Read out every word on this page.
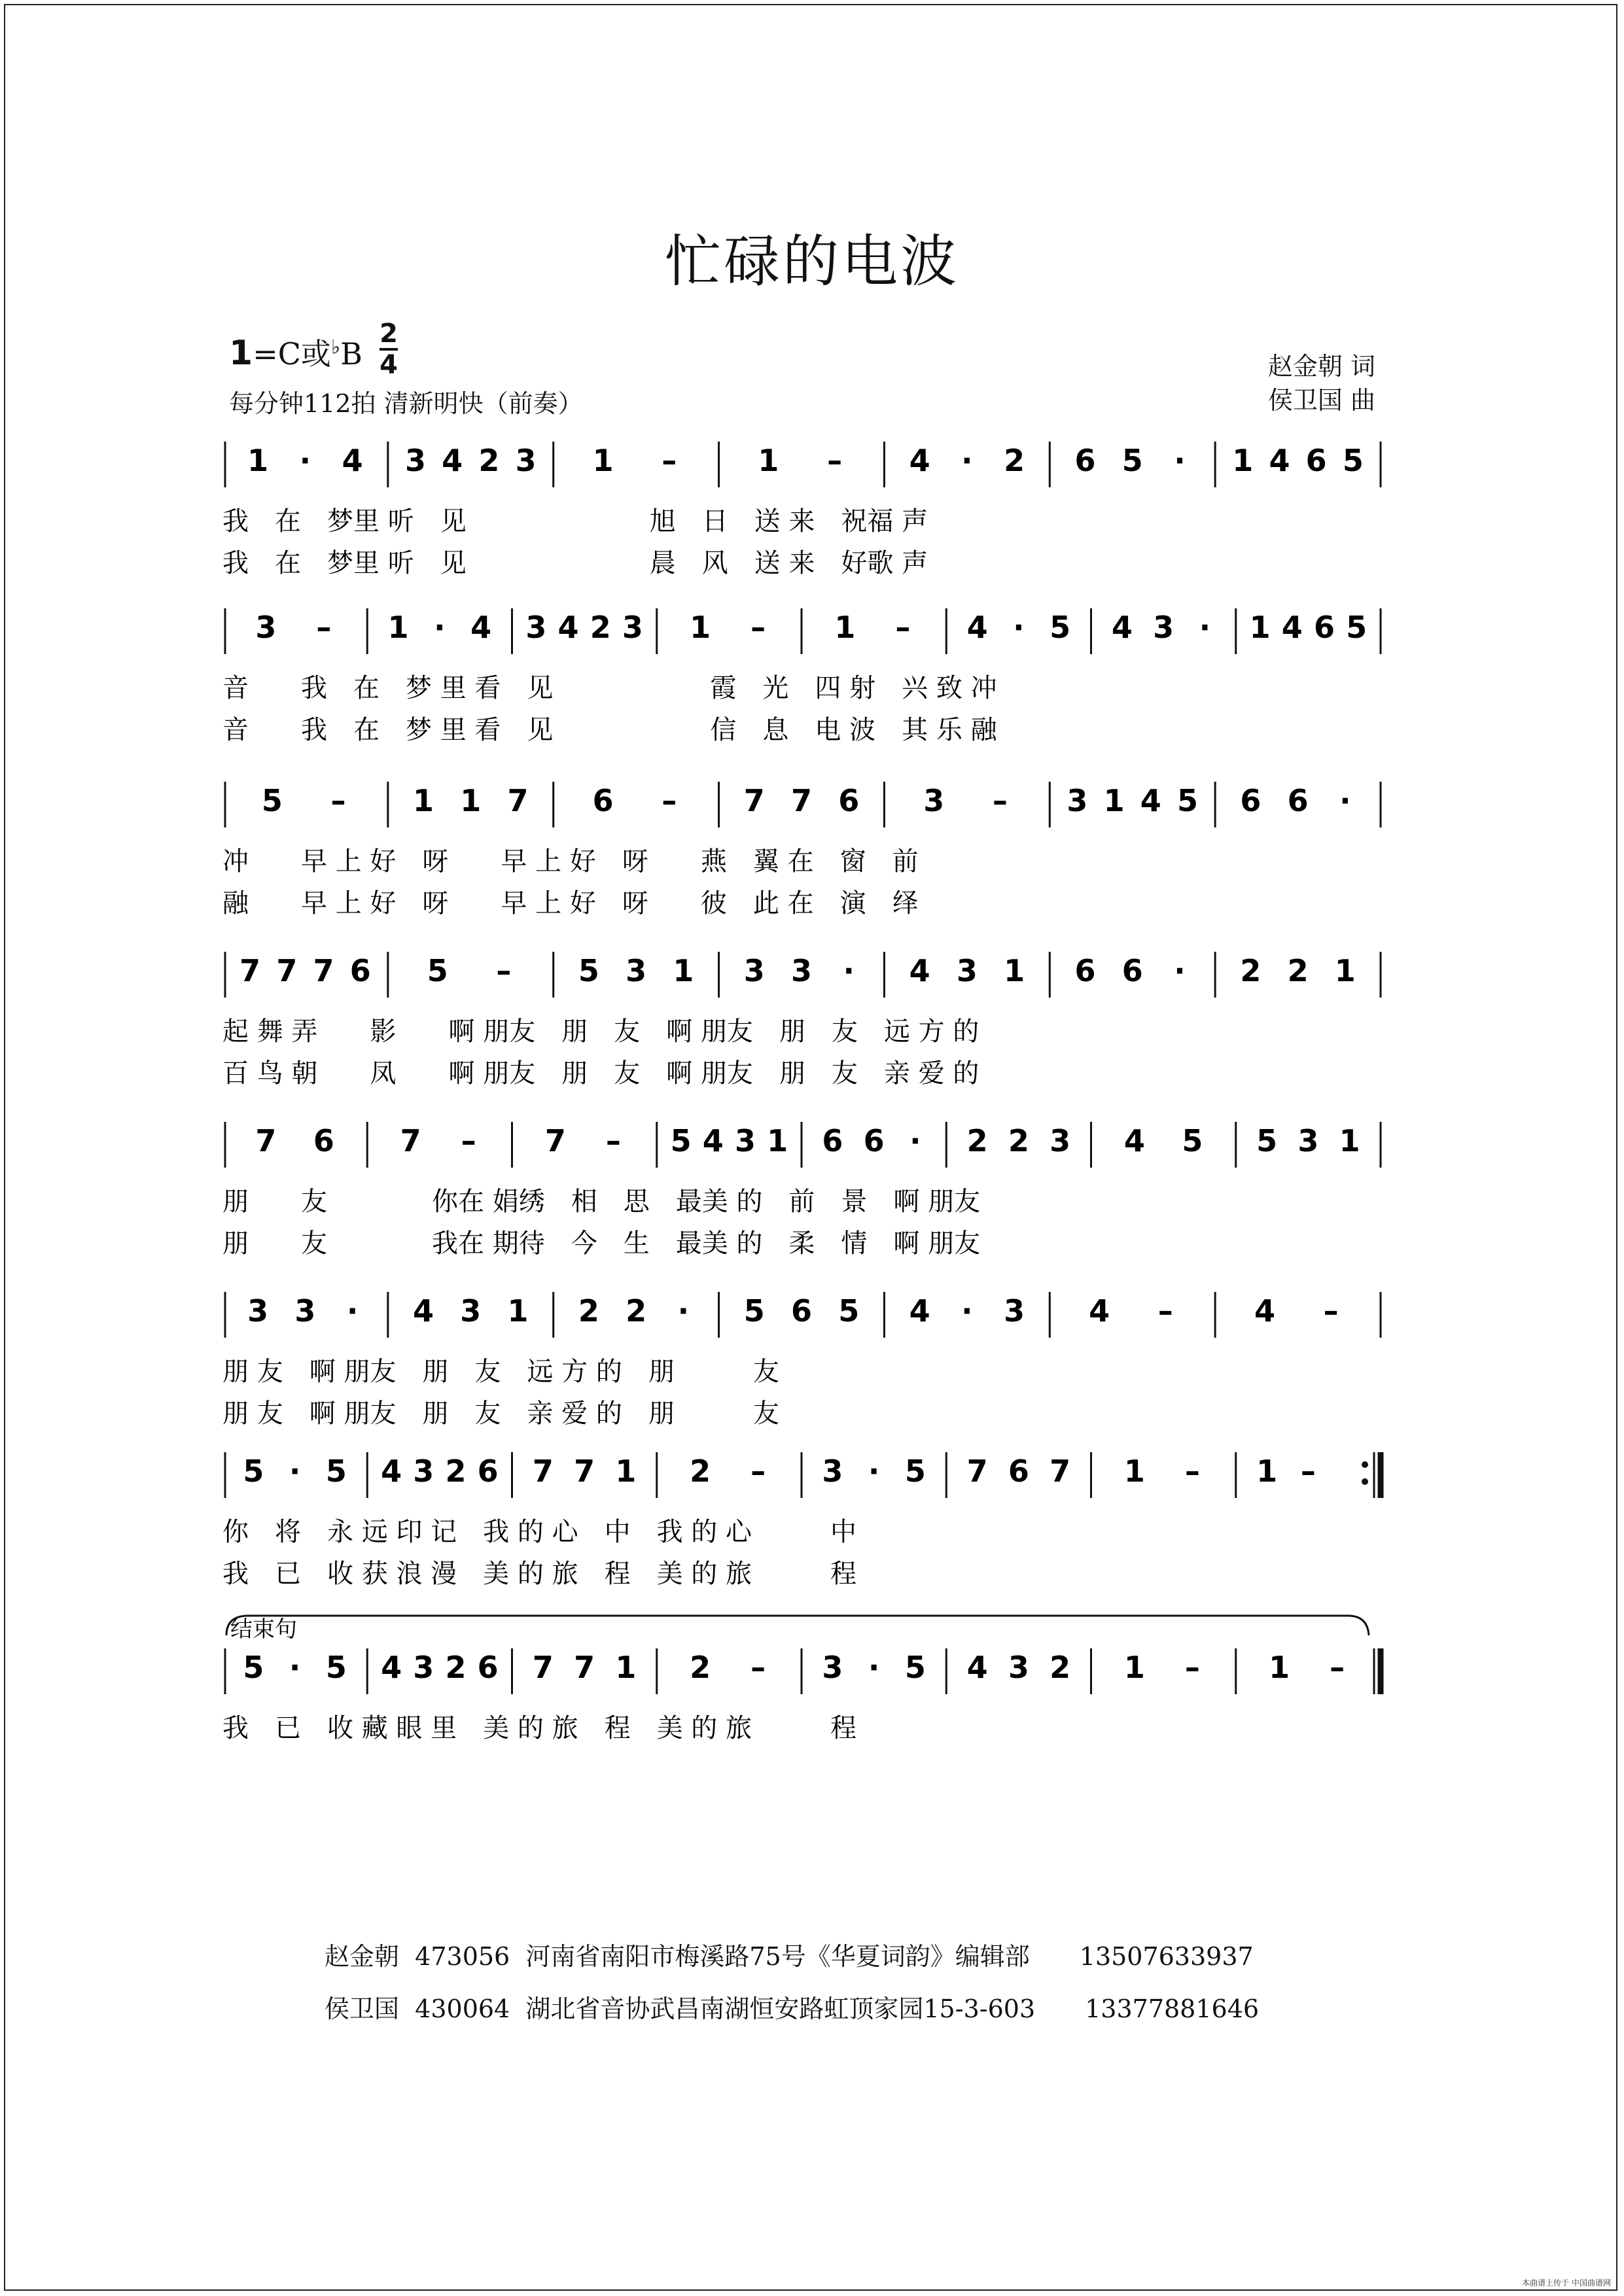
忙碌的电波
1=C或♭B
2
4
每分钟112拍 清新明快（前奏）
赵金朝 词
侯卫国 曲
结束句
1 · 4 3 4 2 3 1 –	1 – 4 · 2 6 5 · 1 4 6 5
我　在　梦里 听　见　　　　　　　旭　日　送 来　祝福 声
我　在　梦里 听　见　　　　　　　晨　风　送 来　好歌 声
3 – 1 · 4 3 4 2 3 1 – 1 – 4 · 5 4 3 · 1 4 6 5
音　　我　在　梦 里 看　见　　　　　　霞　光　四 射　兴 致 冲
音　　我　在　梦 里 看　见　　　　　　信　息　电 波　其 乐 融
5 – 1 1 7 6 – 7 7 6 3 – 3 1 4 5 6 6 ·
冲　　早 上 好　呀　　早 上 好　呀　　燕　翼 在　窗　前
融　　早 上 好　呀　　早 上 好　呀　　彼　此 在　演　绎
7 7 7 6 5 – 5 3 1 3 3 · 4 3 1 6 6 · 2 2 1
起 舞 弄　　影　　啊 朋友　朋　友　啊 朋友　朋　友　远 方 的
百 鸟 朝　　凤　　啊 朋友　朋　友　啊 朋友　朋　友　亲 爱 的
7 6 7 – 7 – 5 4 3 1 6 6 · 2 2 3 4 5 5 3 1
朋　　友　　　　你在 娟绣　相　思　最美 的　前　景　啊 朋友
朋　　友　　　　我在 期待　今　生　最美 的　柔　情　啊 朋友
3 3 · 4 3 1 2 2 · 5 6 5 4 · 3 4 –	4 –
朋 友　啊 朋友　朋　友　远 方 的　朋　　　友
朋 友　啊 朋友　朋　友　亲 爱 的　朋　　　友
5 · 5 4 3 2 6 7 7 1 2 – 3 · 5 7 6 7 1 – 1 –
你　将　永 远 印 记　我 的 心　中　我 的 心　　　中
我　已　收 获 浪 漫　美 的 旅　程　美 的 旅　　　程
5 · 5 4 3 2 6 7 7 1 2 – 3 · 5 4 3 2 1 – 1 –
我　已　收 藏 眼 里　美 的 旅　程　美 的 旅　　　程
赵金朝  473056  河南省南阳市梅溪路75号《华夏词韵》编辑部　　13507633937
侯卫国  430064  湖北省音协武昌南湖恒安路虹顶家园15-3-603　　13377881646
本曲谱上传于 中国曲谱网
